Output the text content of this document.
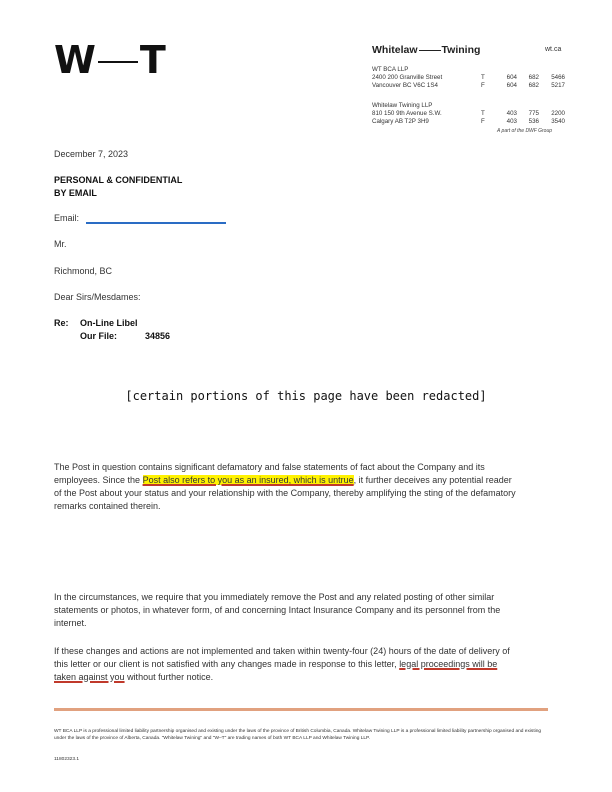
W T	Whitelaw Twining	wt.ca
WT BCA LLP
2400 200 Granville Street
Vancouver BC V6C 1S4
T	604	682	5466
F	604	682	5217
Whitelaw Twining LLP
810 150 9th Avenue S.W.
Calgary AB T2P 3H9
T	403	775	2200
F	403	536	3540
A part of the DWF Group
December 7, 2023
PERSONAL & CONFIDENTIAL
BY EMAIL
Email:
Mr.
Richmond, BC
Dear Sirs/Mesdames:
Re: On-Line Libel
Our File:	34856
[certain portions of this page have been redacted]
The Post in question contains significant defamatory and false statements of fact about the Company and its employees. Since the Post also refers to you as an insured, which is untrue, it further deceives any potential reader of the Post about your status and your relationship with the Company, thereby amplifying the sting of the defamatory remarks contained therein.
In the circumstances, we require that you immediately remove the Post and any related posting of other similar statements or photos, in whatever form, of and concerning Intact Insurance Company and its personnel from the internet.
If these changes and actions are not implemented and taken within twenty-four (24) hours of the date of delivery of this letter or our client is not satisfied with any changes made in response to this letter, legal proceedings will be taken against you without further notice.
WT BCA LLP is a professional limited liability partnership organised and existing under the laws of the province of British Columbia, Canada. Whitelaw Twining LLP is a professional limited liability partnership organised and existing under the laws of the province of Alberta, Canada. "Whitelaw Twining" and "W–T" are trading names of both WT BCA LLP and Whitelaw Twining LLP.
11802323.1
